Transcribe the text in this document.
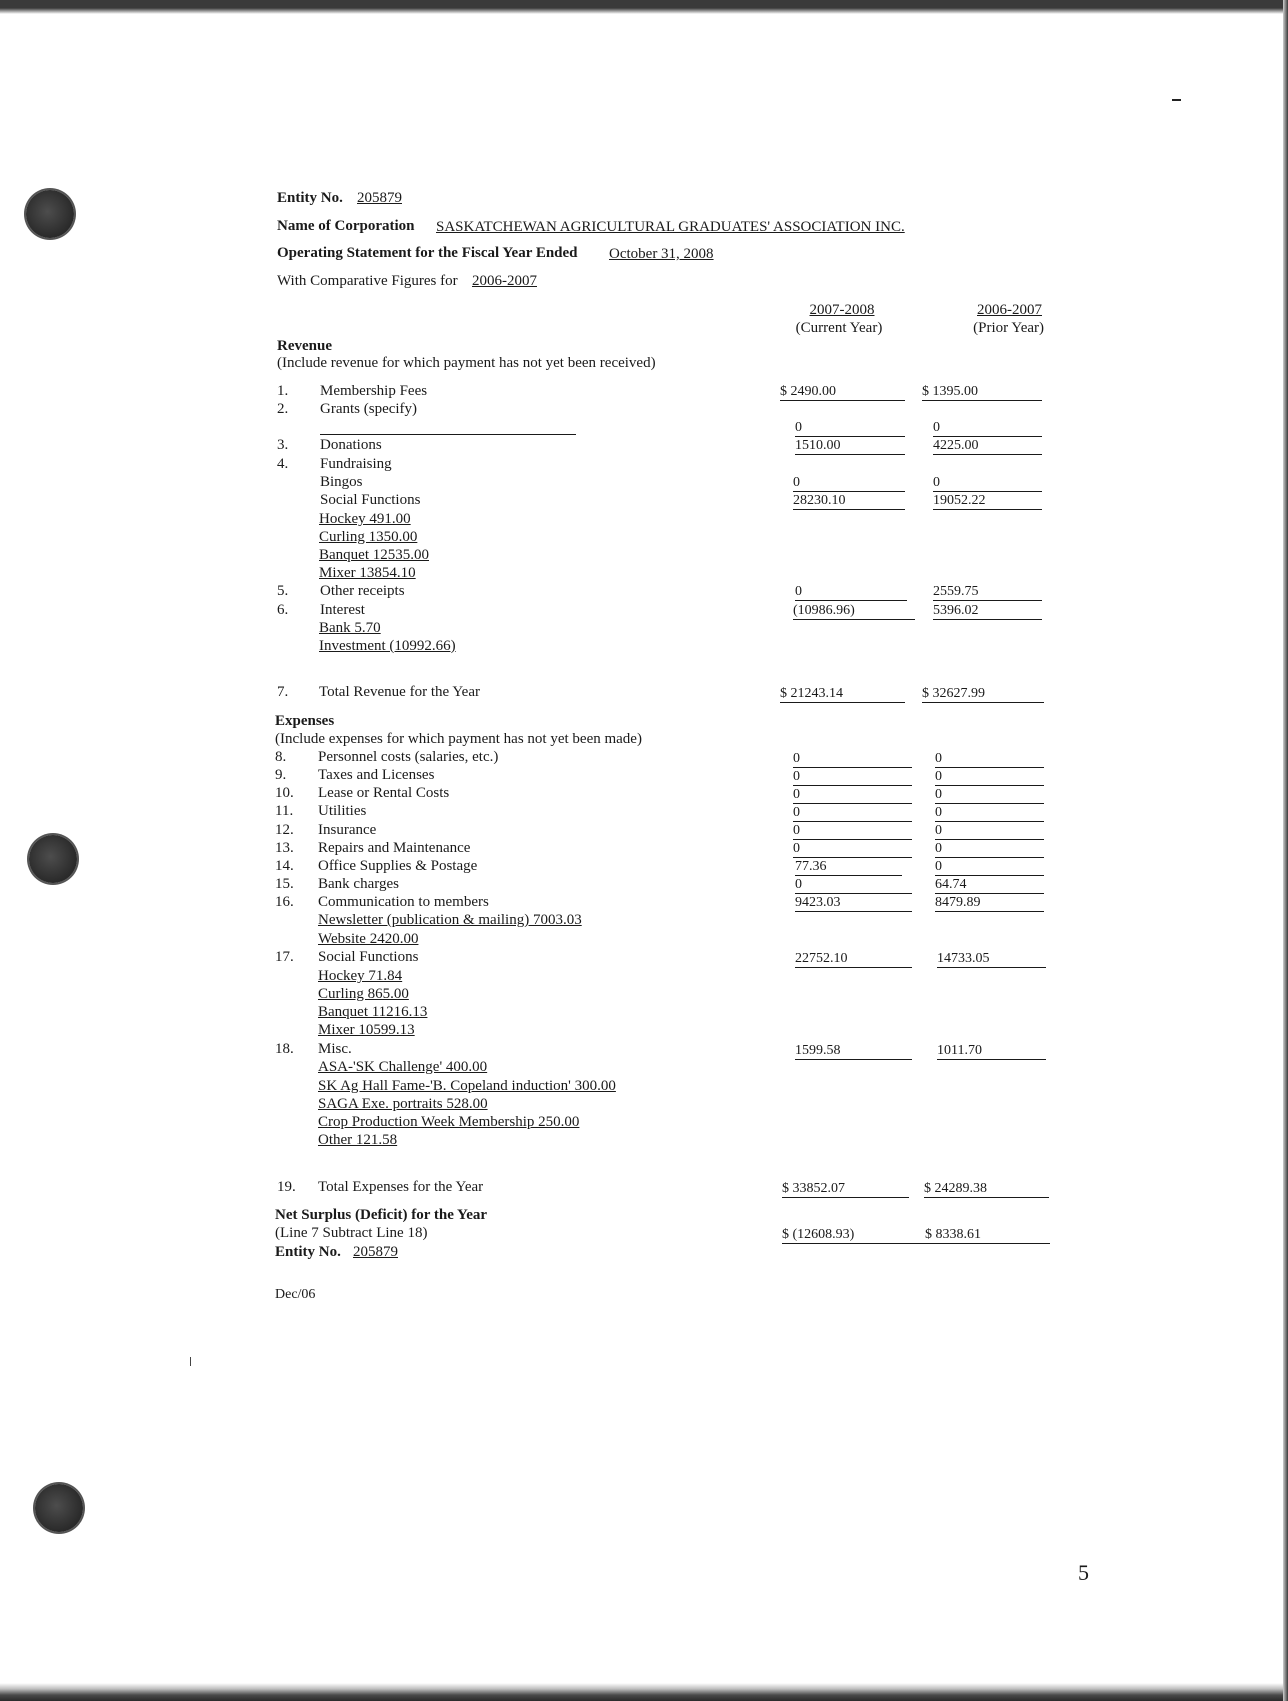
Entity No. 205879
Name of Corporation SASKATCHEWAN AGRICULTURAL GRADUATES' ASSOCIATION INC.
Operating Statement for the Fiscal Year Ended October 31, 2008
With Comparative Figures for 2006-2007
2007-2008
(Current Year)
2006-2007
(Prior Year)
Revenue
(Include revenue for which payment has not yet been received)
1. Membership Fees	$ 2490.00	$ 1395.00
2. Grants (specify)
0	0
3. Donations	1510.00	4225.00
4. Fundraising
Bingos	0	0
Social Functions	28230.10	19052.22
Hockey 491.00
Curling 1350.00
Banquet 12535.00
Mixer 13854.10
5. Other receipts	0	2559.75
6. Interest	(10986.96)	5396.02
Bank 5.70
Investment (10992.66)
7. Total Revenue for the Year	$ 21243.14	$ 32627.99
Expenses
(Include expenses for which payment has not yet been made)
8. Personnel costs (salaries, etc.)	0	0
9. Taxes and Licenses	0	0
10. Lease or Rental Costs	0	0
11. Utilities	0	0
12. Insurance	0	0
13. Repairs and Maintenance	0	0
14. Office Supplies & Postage	77.36	0
15. Bank charges	0	64.74
16. Communication to members	9423.03	8479.89
Newsletter (publication & mailing) 7003.03
Website 2420.00
17. Social Functions	22752.10	14733.05
Hockey 71.84
Curling 865.00
Banquet 11216.13
Mixer 10599.13
18. Misc.	1599.58	1011.70
ASA-'SK Challenge' 400.00
SK Ag Hall Fame-'B. Copeland induction' 300.00
SAGA Exe. portraits 528.00
Crop Production Week Membership 250.00
Other 121.58
19. Total Expenses for the Year	$ 33852.07	$ 24289.38
Net Surplus (Deficit) for the Year
(Line 7 Subtract Line 18)	$ (12608.93)	$ 8338.61
Entity No. 205879
Dec/06
5
